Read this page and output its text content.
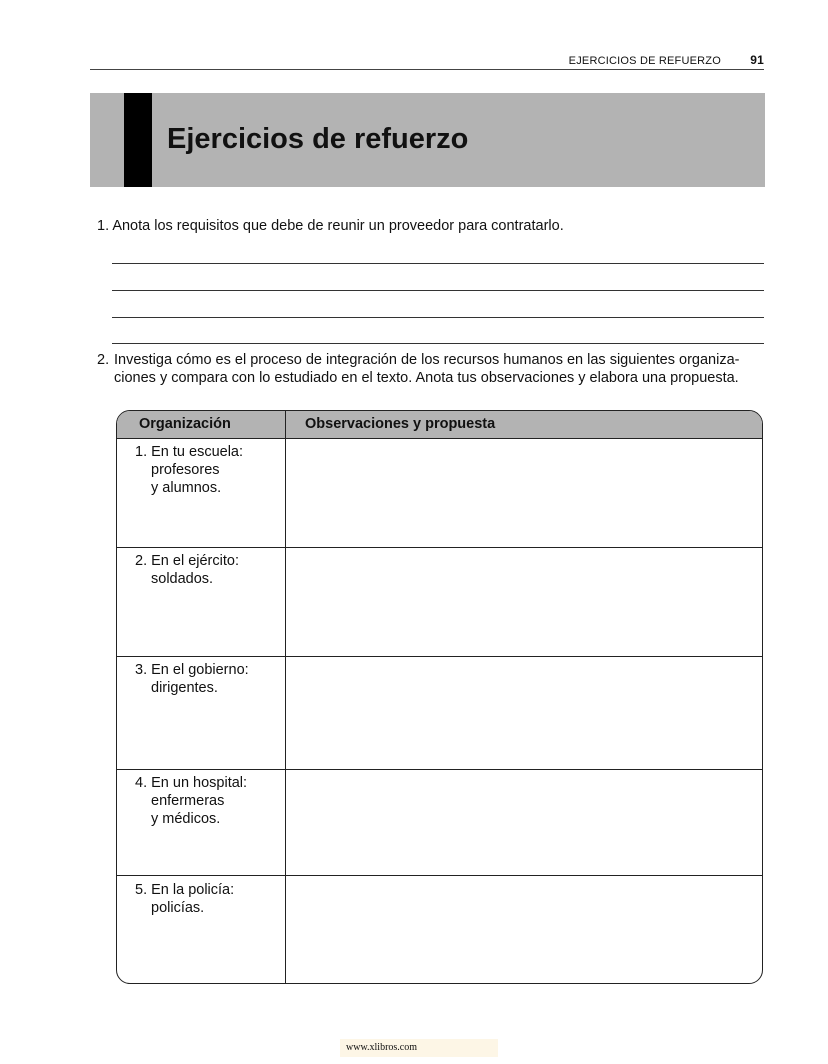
EJERCICIOS DE REFUERZO 91
Ejercicios de refuerzo
1. Anota los requisitos que debe de reunir un proveedor para contratarlo.
2. Investiga cómo es el proceso de integración de los recursos humanos en las siguientes organiza-ciones y compara con lo estudiado en el texto. Anota tus observaciones y elabora una propuesta.
Organización	Observaciones y propuesta
1. En tu escuela:
profesores
y alumnos.
2. En el ejército:
soldados.
3. En el gobierno:
dirigentes.
4. En un hospital:
enfermeras
y médicos.
5. En la policía:
policías.
www.xlibros.com
